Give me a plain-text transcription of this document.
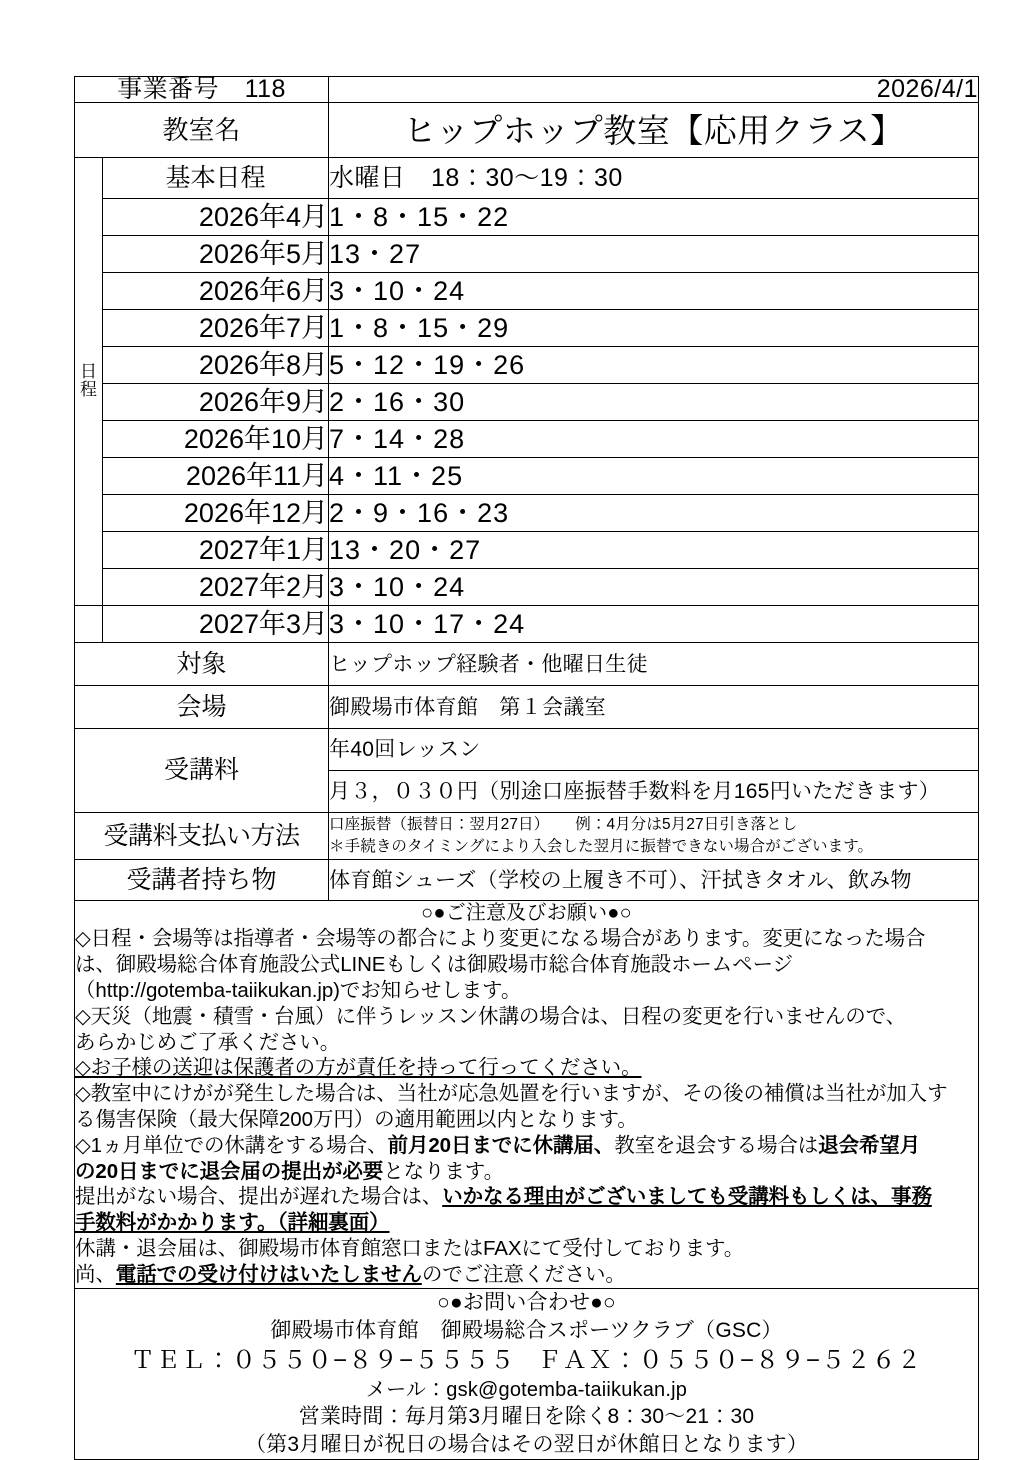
事業番号　118		2026/4/1
教室名		ヒップホップ教室【応用クラス】
日
程	基本日程	水曜日　18：30〜19：30
	2026年4月	1・8・15・22
	2026年5月	13・27
	2026年6月	3・10・24
	2026年7月	1・8・15・29
	2026年8月	5・12・19・26
	2026年9月	2・16・30
	2026年10月	7・14・28
	2026年11月	4・11・25
	2026年12月	2・9・16・23
	2027年1月	13・20・27
	2027年2月	3・10・24
	2027年3月	3・10・17・24
対象		ヒップホップ経験者・他曜日生徒
会場		御殿場市体育館　第１会議室
受講料		年40回レッスン
		月３，０３０円（別途口座振替手数料を月165円いただきます）
受講料支払い方法		口座振替（振替日：翌月27日） 例：4月分は5月27日引き落とし
＊手続きのタイミングにより入会した翌月に振替できない場合がございます。

受講者持ち物		体育館シューズ（学校の上履き不可）、汗拭きタオル、飲み物

○●ご注意及びお願い●○

◇日程・会場等は指導者・会場等の都合により変更になる場合があります。変更になった場合

は、御殿場総合体育施設公式LINEもしくは御殿場市総合体育施設ホームページ

（http://gotemba-taiikukan.jp)でお知らせします。

◇天災（地震・積雪・台風）に伴うレッスン休講の場合は、日程の変更を行いませんので、

あらかじめご了承ください。

◇お子様の送迎は保護者の方が責任を持って行ってください。

◇教室中にけがが発生した場合は、当社が応急処置を行いますが、その後の補償は当社が加入す

る傷害保険（最大保障200万円）の適用範囲以内となります。

◇1ヵ月単位での休講をする場合、前月20日までに休講届、教室を退会する場合は退会希望月

の20日までに退会届の提出が必要となります。

提出がない場合、提出が遅れた場合は、いかなる理由がございましても受講料もしくは、事務

手数料がかかります。（詳細裏面）

休講・退会届は、御殿場市体育館窓口またはFAXにて受付しております。

尚、電話での受け付けはいたしませんのでご注意ください。

○●お問い合わせ●○
御殿場市体育館 御殿場総合スポーツクラブ（GSC）
ＴＥＬ：０５５０−８９−５５５５ ＦＡＸ：０５５０−８９−５２６２
メール：gsk@gotemba-taiikukan.jp
営業時間：毎月第3月曜日を除く8：30〜21：30
（第3月曜日が祝日の場合はその翌日が休館日となります）
